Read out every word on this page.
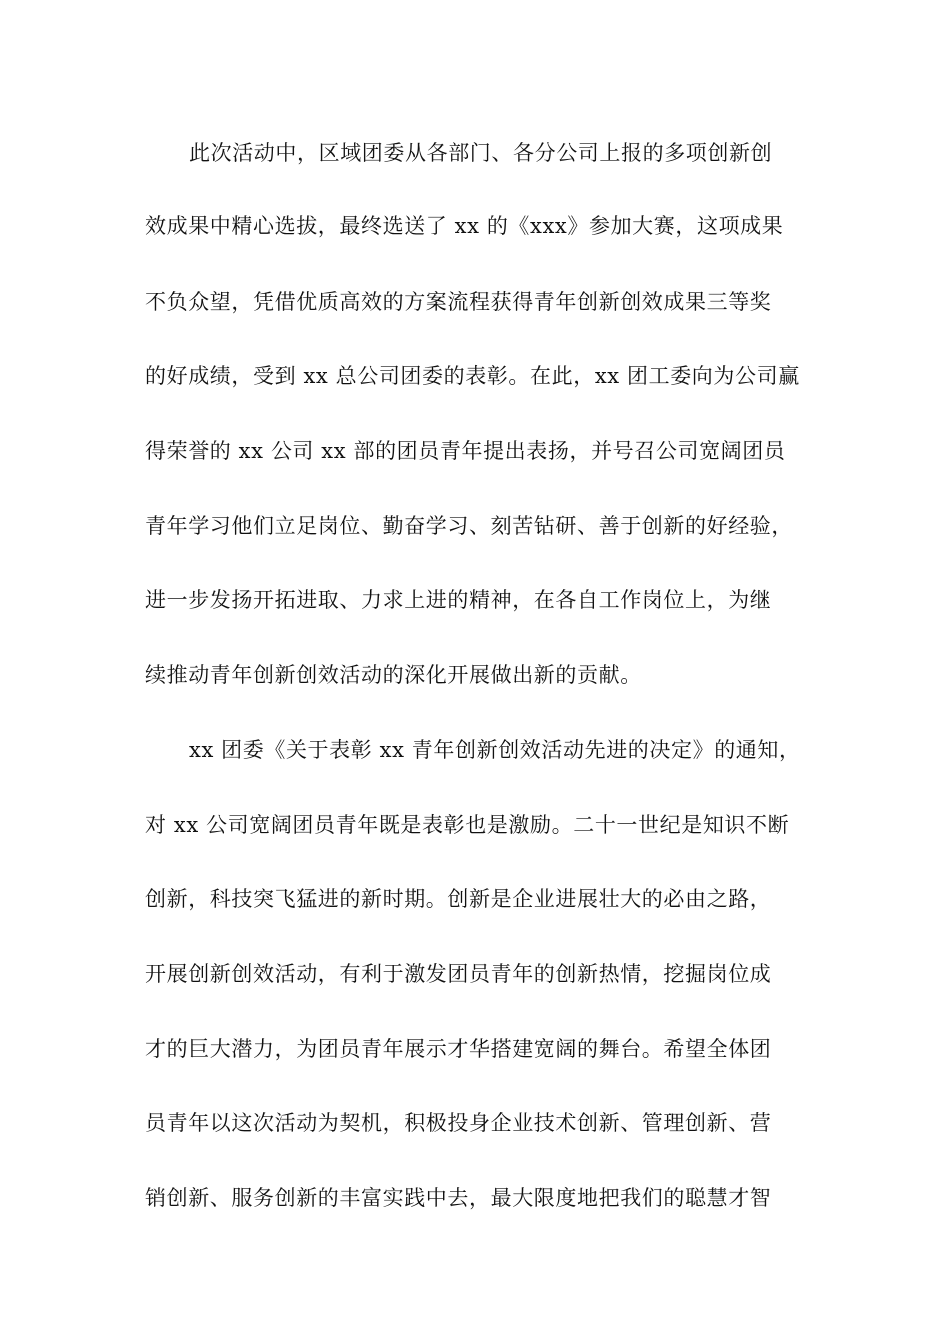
此次活动中，区域团委从各部门、各分公司上报的多项创新创
效成果中精心选拔，最终选送了 xx 的《xxx》参加大赛，这项成果
不负众望，凭借优质高效的方案流程获得青年创新创效成果三等奖
的好成绩，受到 xx 总公司团委的表彰。在此，xx 团工委向为公司赢
得荣誉的 xx 公司 xx 部的团员青年提出表扬，并号召公司宽阔团员
青年学习他们立足岗位、勤奋学习、刻苦钻研、善于创新的好经验，
进一步发扬开拓进取、力求上进的精神，在各自工作岗位上，为继
续推动青年创新创效活动的深化开展做出新的贡献。
xx 团委《关于表彰 xx 青年创新创效活动先进的决定》的通知，
对 xx 公司宽阔团员青年既是表彰也是激励。二十一世纪是知识不断
创新，科技突飞猛进的新时期。创新是企业进展壮大的必由之路，
开展创新创效活动，有利于激发团员青年的创新热情，挖掘岗位成
才的巨大潜力，为团员青年展示才华搭建宽阔的舞台。希望全体团
员青年以这次活动为契机，积极投身企业技术创新、管理创新、营
销创新、服务创新的丰富实践中去，最大限度地把我们的聪慧才智
